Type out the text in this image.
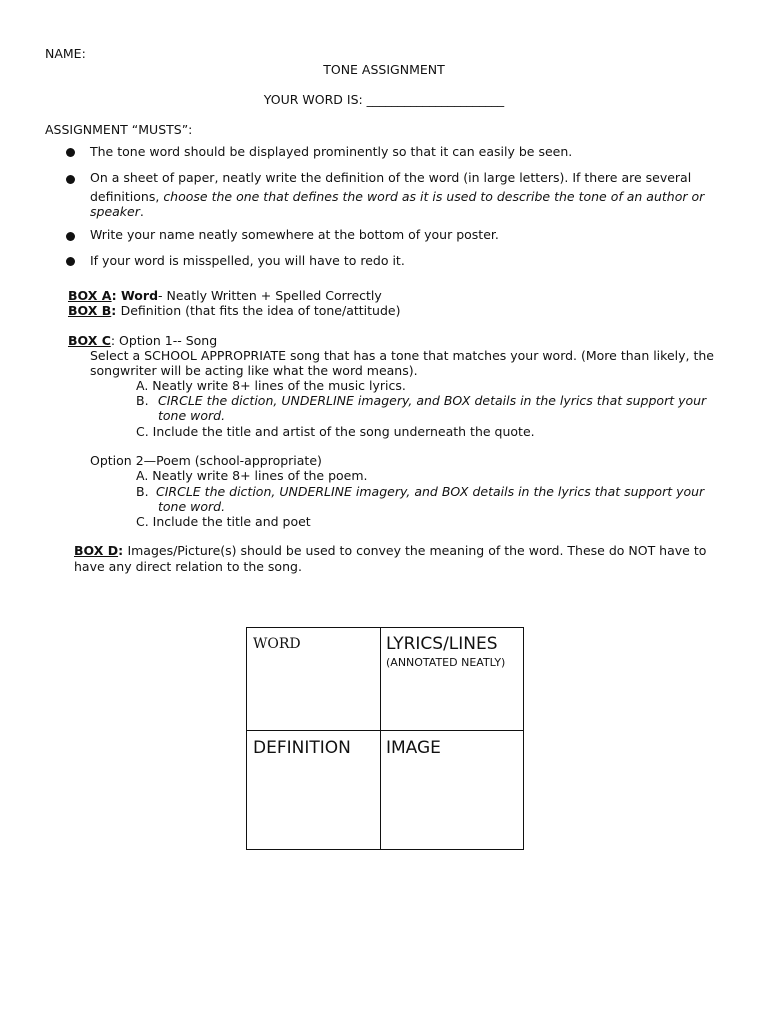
NAME:
TONE ASSIGNMENT
YOUR WORD IS: ______________________
ASSIGNMENT “MUSTS”:
The tone word should be displayed prominently so that it can easily be seen.
On a sheet of paper, neatly write the definition of the word (in large letters). If there are several
definitions, choose the one that defines the word as it is used to describe the tone of an author or
speaker.
Write your name neatly somewhere at the bottom of your poster.
If your word is misspelled, you will have to redo it.
BOX A: Word- Neatly Written + Spelled Correctly
BOX B: Definition (that fits the idea of tone/attitude)
BOX C: Option 1-- Song
Select a SCHOOL APPROPRIATE song that has a tone that matches your word. (More than likely, the
songwriter will be acting like what the word means).
A. Neatly write 8+ lines of the music lyrics.
B. CIRCLE the diction, UNDERLINE imagery, and BOX details in the lyrics that support your
tone word.
C. Include the title and artist of the song underneath the quote.
Option 2—Poem (school-appropriate)
A. Neatly write 8+ lines of the poem.
B. CIRCLE the diction, UNDERLINE imagery, and BOX details in the lyrics that support your
tone word.
C. Include the title and poet
BOX D: Images/Picture(s) should be used to convey the meaning of the word. These do NOT have to
have any direct relation to the song.
WORD	LYRICS/LINES
(ANNOTATED NEATLY)
DEFINITION IMAGE
